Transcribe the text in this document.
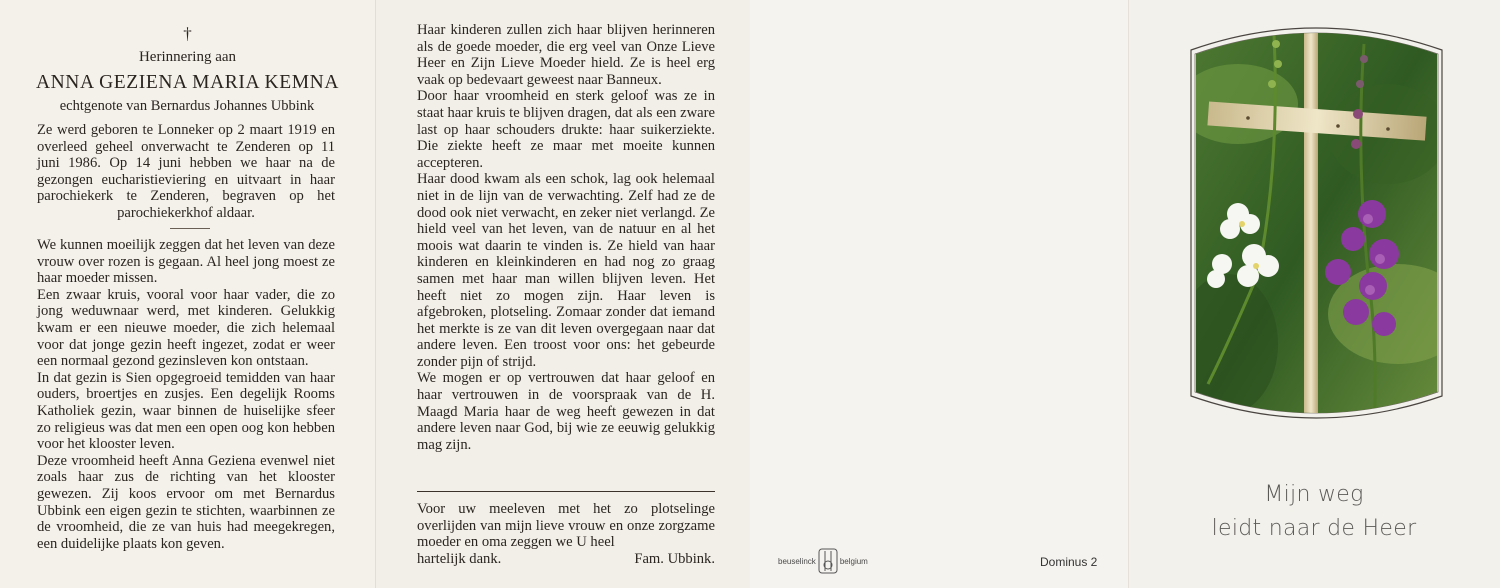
†
Herinnering aan
ANNA GEZIENA MARIA KEMNA
echtgenote van Bernardus Johannes Ubbink

Ze werd geboren te Lonneker op 2 maart 1919 en overleed geheel onverwacht te Zenderen op 11 juni 1986. Op 14 juni hebben we haar na de gezongen eucharistieviering en uitvaart in haar parochiekerk te Zenderen, begraven op het parochiekerkhof aldaar.

We kunnen moeilijk zeggen dat het leven van deze vrouw over rozen is gegaan. Al heel jong moest ze haar moeder missen.

Een zwaar kruis, vooral voor haar vader, die zo jong weduwnaar werd, met kinderen. Gelukkig kwam er een nieuwe moeder, die zich helemaal voor dat jonge gezin heeft ingezet, zodat er weer een normaal gezond gezinsleven kon ontstaan.

In dat gezin is Sien opgegroeid temidden van haar ouders, broertjes en zusjes. Een degelijk Rooms Katholiek gezin, waar binnen de huiselijke sfeer zo religieus was dat men een open oog kon hebben voor het klooster leven.

Deze vroomheid heeft Anna Geziena evenwel niet zoals haar zus de richting van het klooster gewezen. Zij koos ervoor om met Bernardus Ubbink een eigen gezin te stichten, waarbinnen ze de vroomheid, die ze van huis had meegekregen, een duidelijke plaats kon geven.

Haar kinderen zullen zich haar blijven herinneren als de goede moeder, die erg veel van Onze Lieve Heer en Zijn Lieve Moeder hield. Ze is heel erg vaak op bedevaart geweest naar Banneux.

Door haar vroomheid en sterk geloof was ze in staat haar kruis te blijven dragen, dat als een zware last op haar schouders drukte: haar suikerziekte. Die ziekte heeft ze maar met moeite kunnen accepteren.

Haar dood kwam als een schok, lag ook helemaal niet in de lijn van de verwachting. Zelf had ze de dood ook niet verwacht, en zeker niet verlangd. Ze hield veel van het leven, van de natuur en al het moois wat daarin te vinden is. Ze hield van haar kinderen en kleinkinderen en had nog zo graag samen met haar man willen blijven leven. Het heeft niet zo mogen zijn. Haar leven is afgebroken, plotseling. Zomaar zonder dat iemand het merkte is ze van dit leven overgegaan naar dat andere leven. Een troost voor ons: het gebeurde zonder pijn of strijd.

We mogen er op vertrouwen dat haar geloof en haar vertrouwen in de voorspraak van de H. Maagd Maria haar de weg heeft gewezen in dat andere leven naar God, bij wie ze eeuwig gelukkig mag zijn.

Voor uw meeleven met het zo plotselinge overlijden van mijn lieve vrouw en onze zorgzame moeder en oma zeggen we U heel

hartelijk dank.	Fam. Ubbink.	beuselinck	belgium	Dominus 2
Mijn weg
leidt naar de Heer
